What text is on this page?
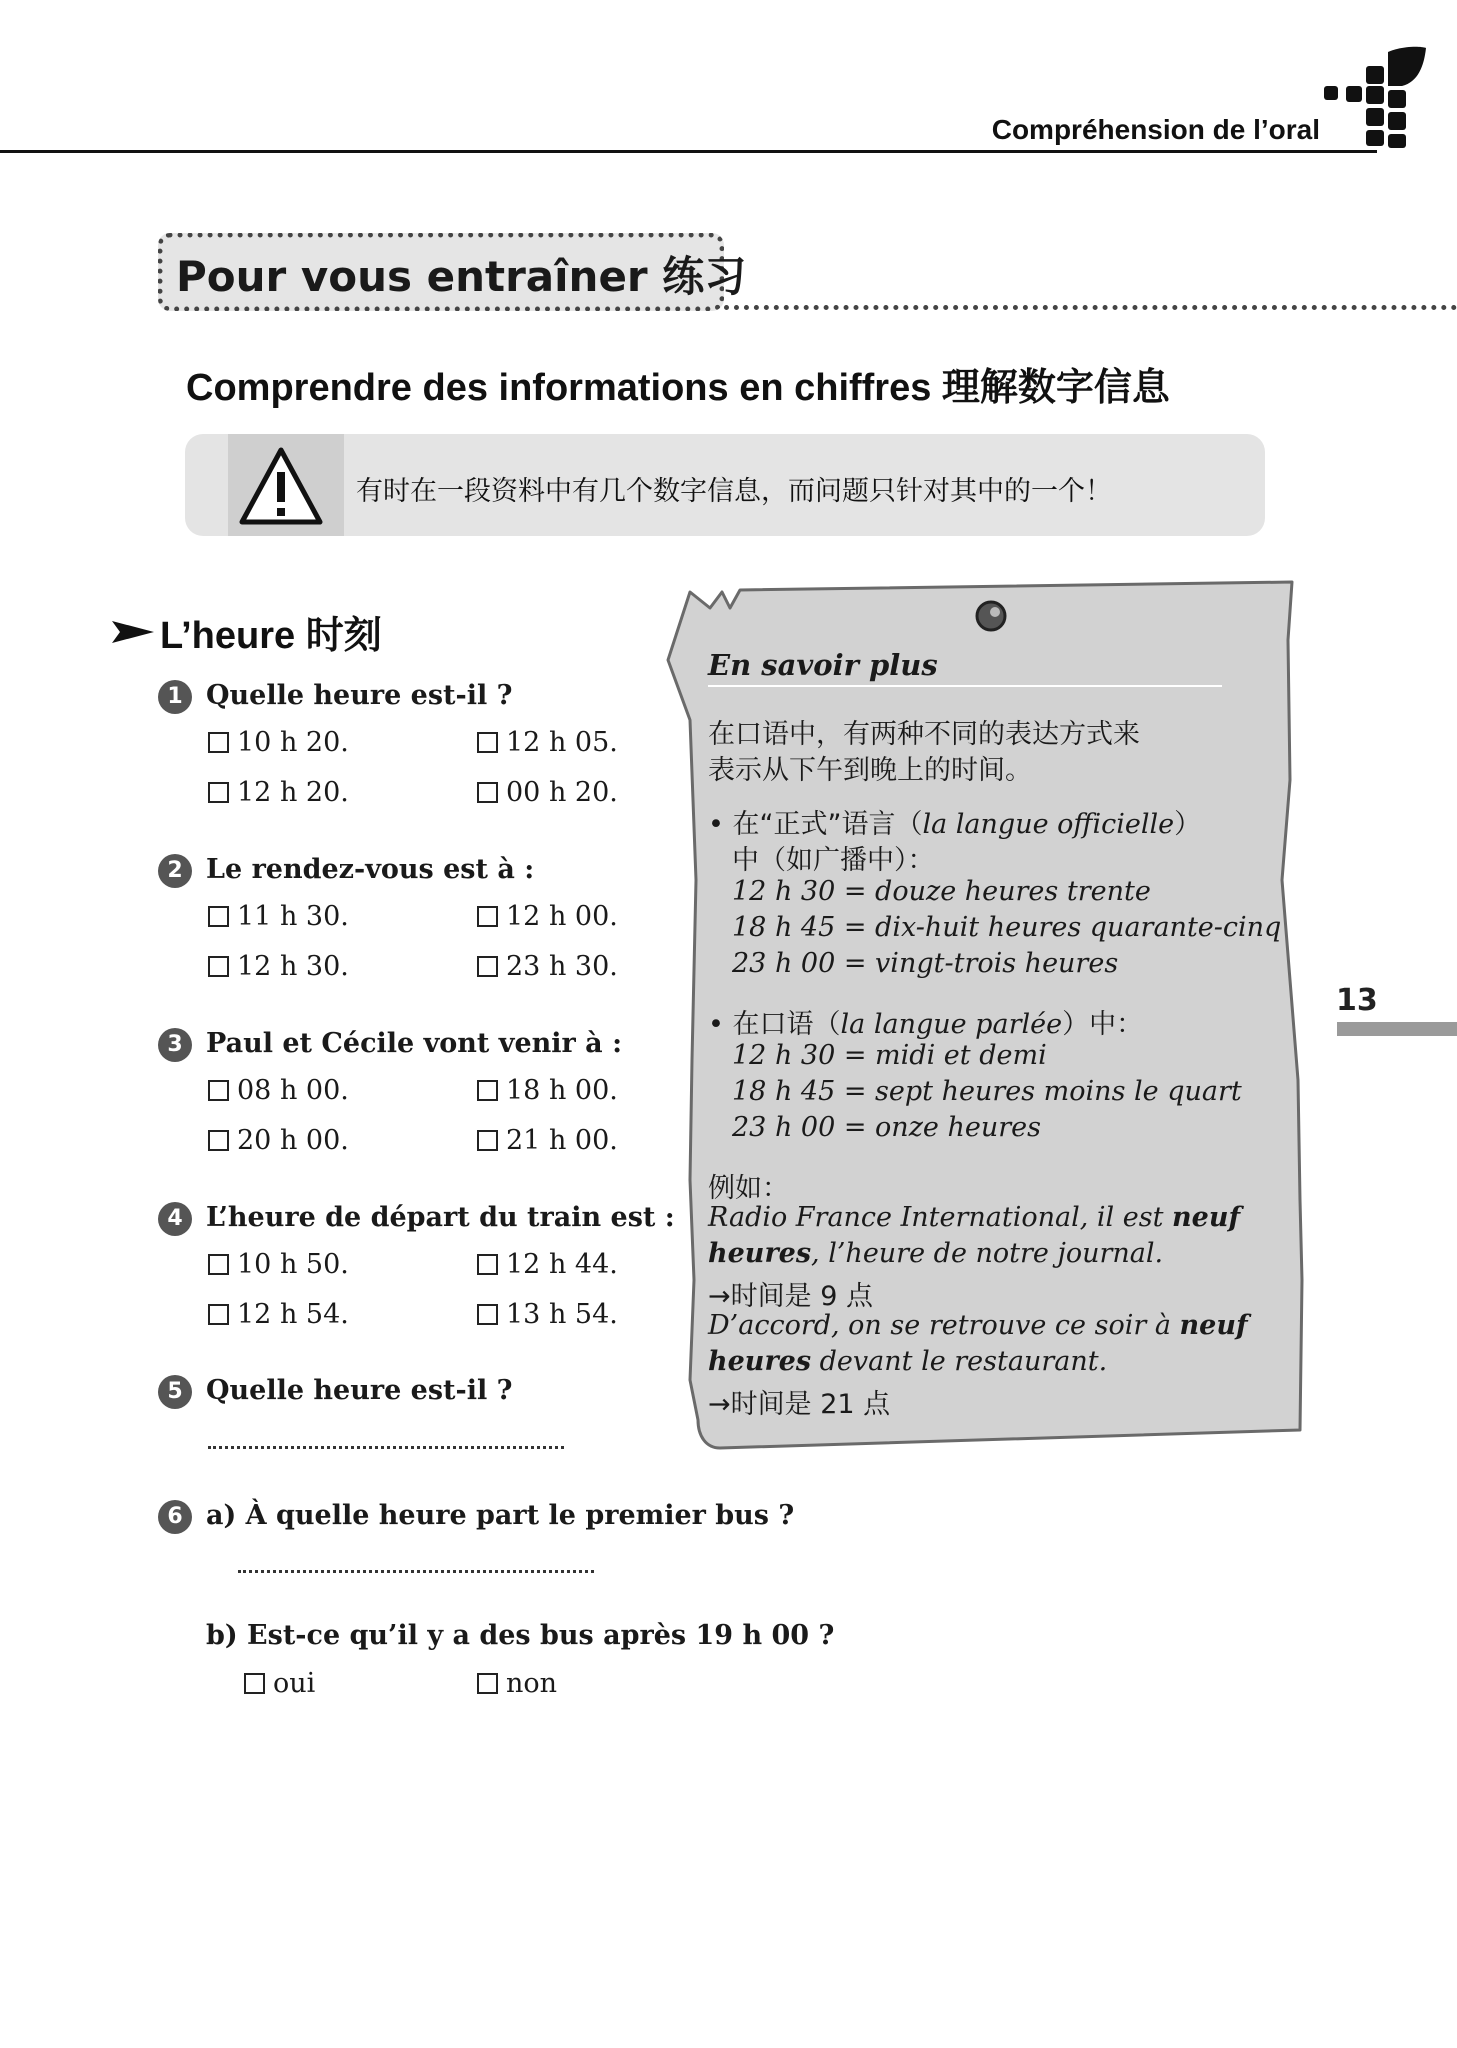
Compréhension de l’oral
Pour vous entraîner 练习
Comprendre des informations en chiffres 理解数字信息
有时在一段资料中有几个数字信息，而问题只针对其中的一个！
L’heure 时刻
1 Quelle heure est-il ?
10 h 20.	12 h 05.
12 h 20.	00 h 20.
2 Le rendez-vous est à :
11 h 30.	12 h 00.
12 h 30.	23 h 30.
3 Paul et Cécile vont venir à :
08 h 00.	18 h 00.
20 h 00.	21 h 00.
4 L’heure de départ du train est :
10 h 50.	12 h 44.
12 h 54.	13 h 54.
5 Quelle heure est-il ?
6 a) À quelle heure part le premier bus ?
b) Est-ce qu’il y a des bus après 19 h 00 ?
oui	non
En savoir plus
在口语中，有两种不同的表达方式来
表示从下午到晚上的时间。
• 在“正式”语言（la langue officielle）
中（如广播中）：
12 h 30 = douze heures trente
18 h 45 = dix-huit heures quarante-cinq
23 h 00 = vingt-trois heures
• 在口语（la langue parlée）中：
12 h 30 = midi et demi
18 h 45 = sept heures moins le quart
23 h 00 = onze heures
例如：
Radio France International, il est neuf
heures, l’heure de notre journal.
→时间是 9 点
D’accord, on se retrouve ce soir à neuf
heures devant le restaurant.
→时间是 21 点
13
